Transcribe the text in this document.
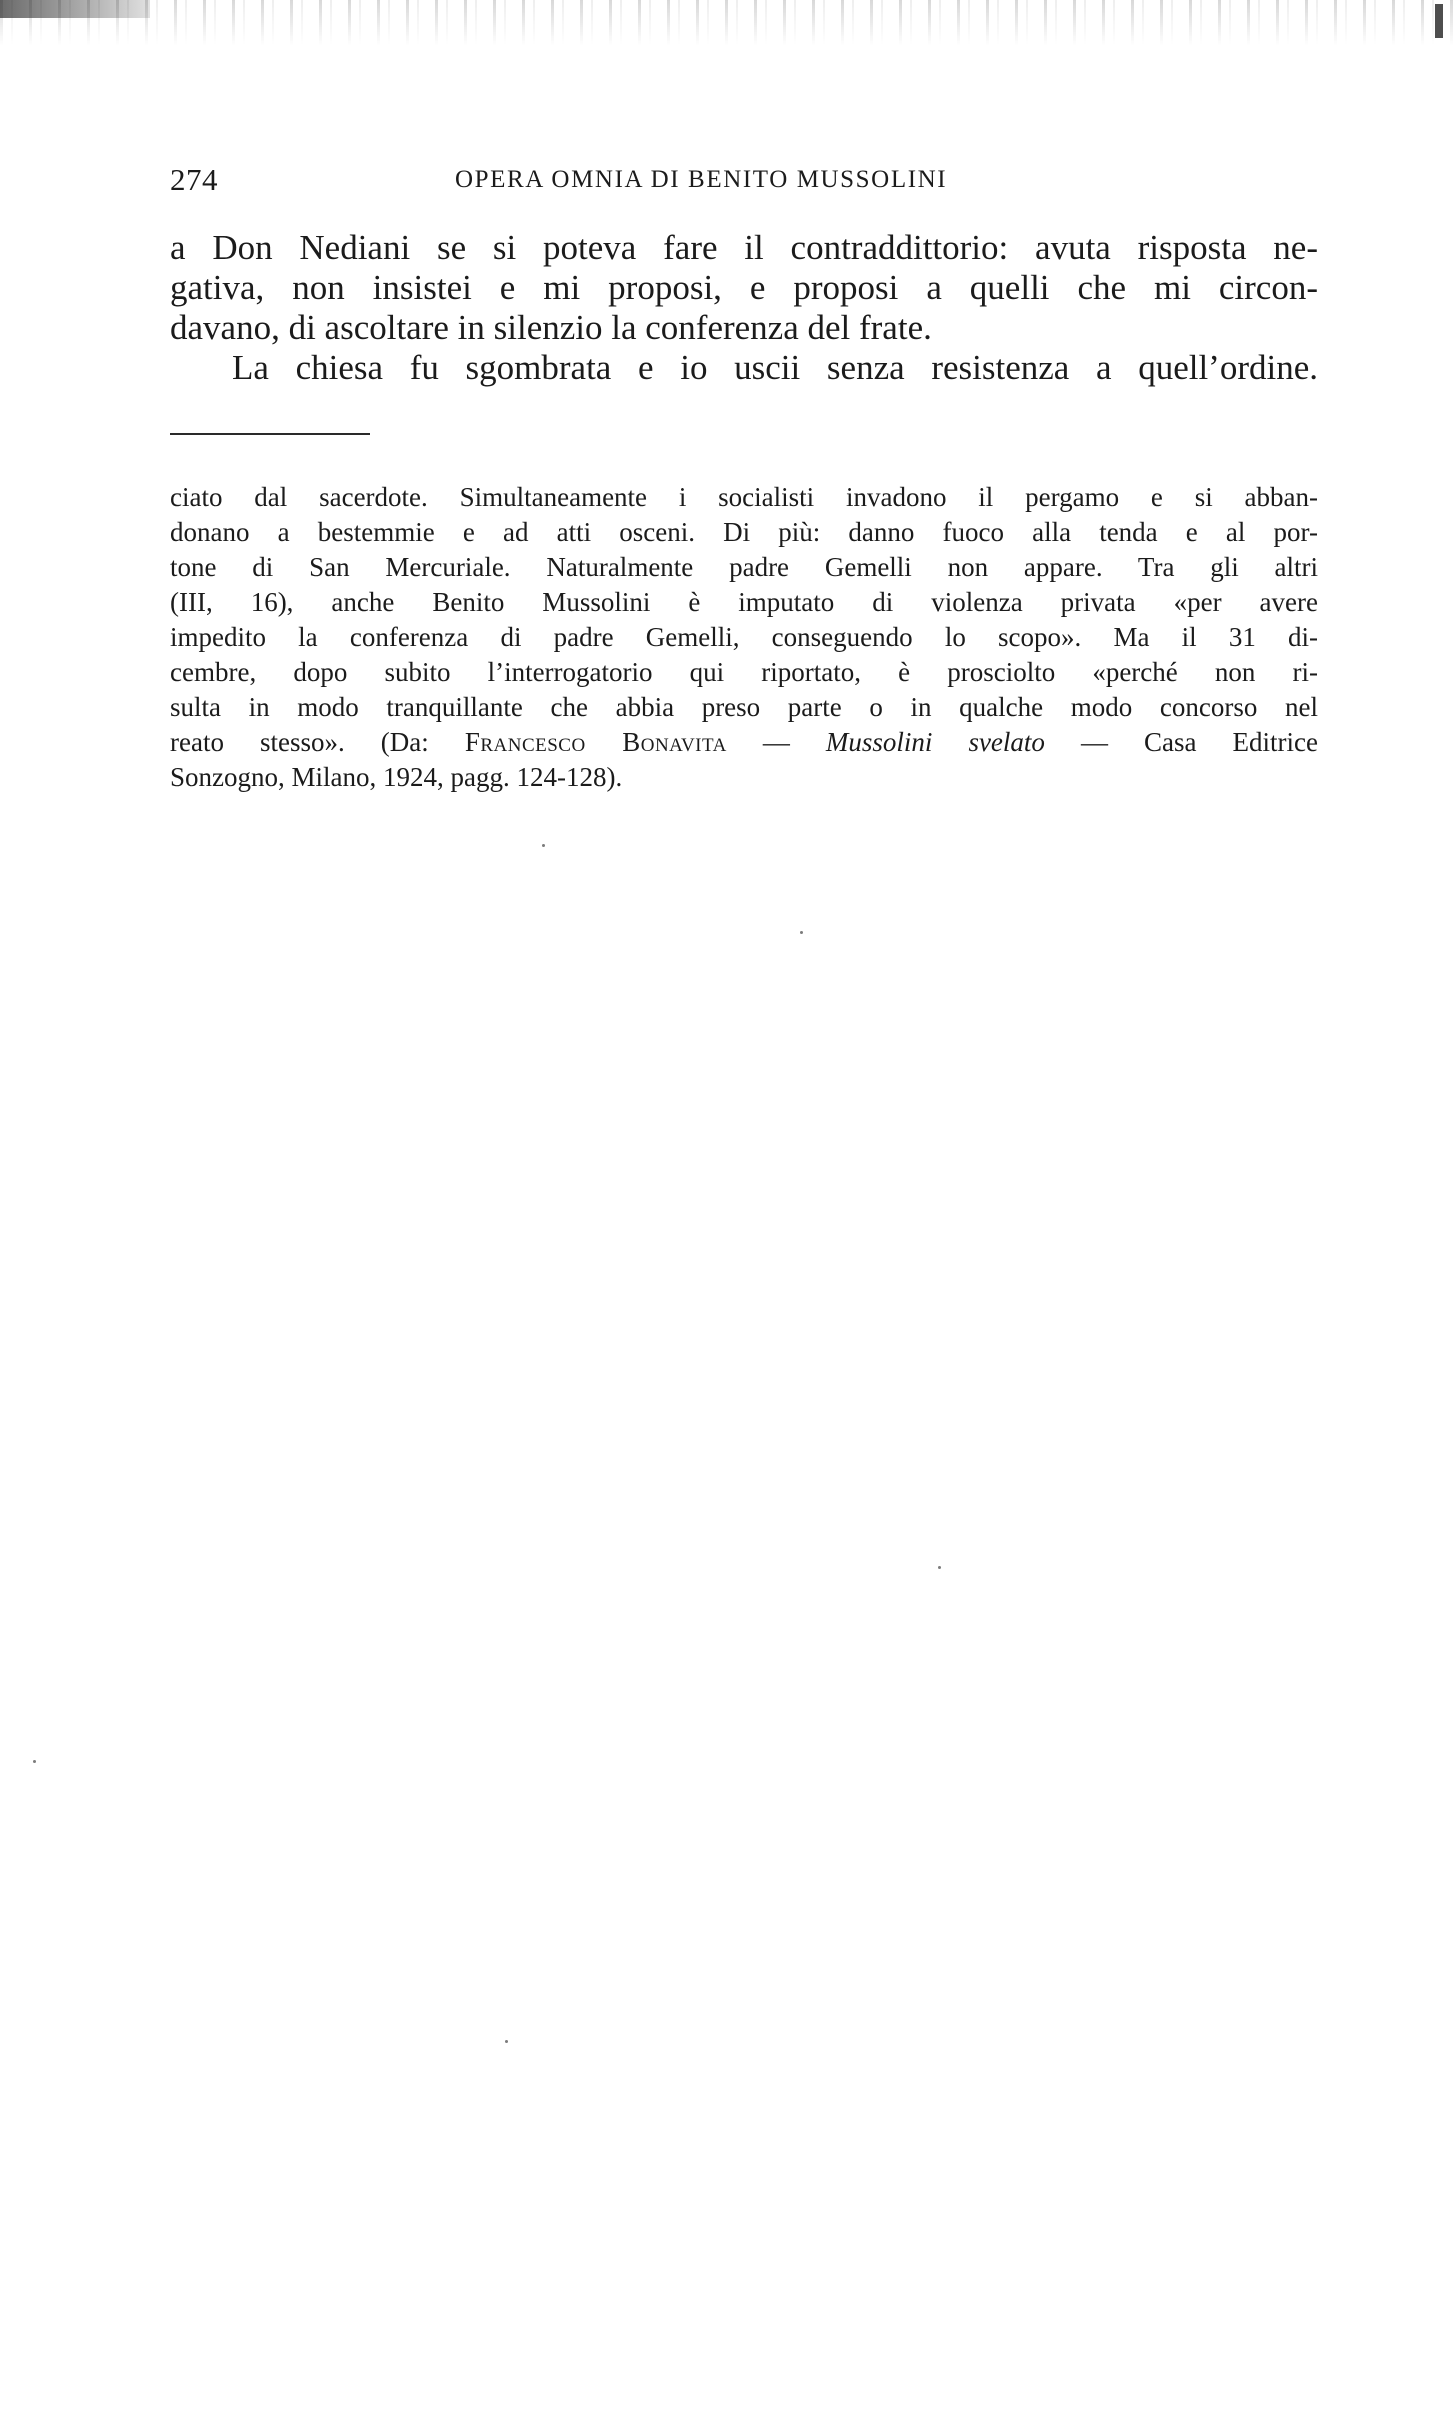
274	OPERA OMNIA DI BENITO MUSSOLINI
a Don Nediani se si poteva fare il contraddittorio: avuta risposta ne-
gativa, non insistei e mi proposi, e proposi a quelli che mi circon-
davano, di ascoltare in silenzio la conferenza del frate.
La chiesa fu sgombrata e io uscii senza resistenza a quell’ordine.
ciato dal sacerdote. Simultaneamente i socialisti invadono il pergamo e si abban-
donano a bestemmie e ad atti osceni. Di più: danno fuoco alla tenda e al por-
tone di San Mercuriale. Naturalmente padre Gemelli non appare. Tra gli altri
(III, 16), anche Benito Mussolini è imputato di violenza privata «per avere
impedito la conferenza di padre Gemelli, conseguendo lo scopo». Ma il 31 di-
cembre, dopo subito l’interrogatorio qui riportato, è prosciolto «perché non ri-
sulta in modo tranquillante che abbia preso parte o in qualche modo concorso nel
reato stesso». (Da: Francesco Bonavita — Mussolini svelato — Casa Editrice
Sonzogno, Milano, 1924, pagg. 124-128).
